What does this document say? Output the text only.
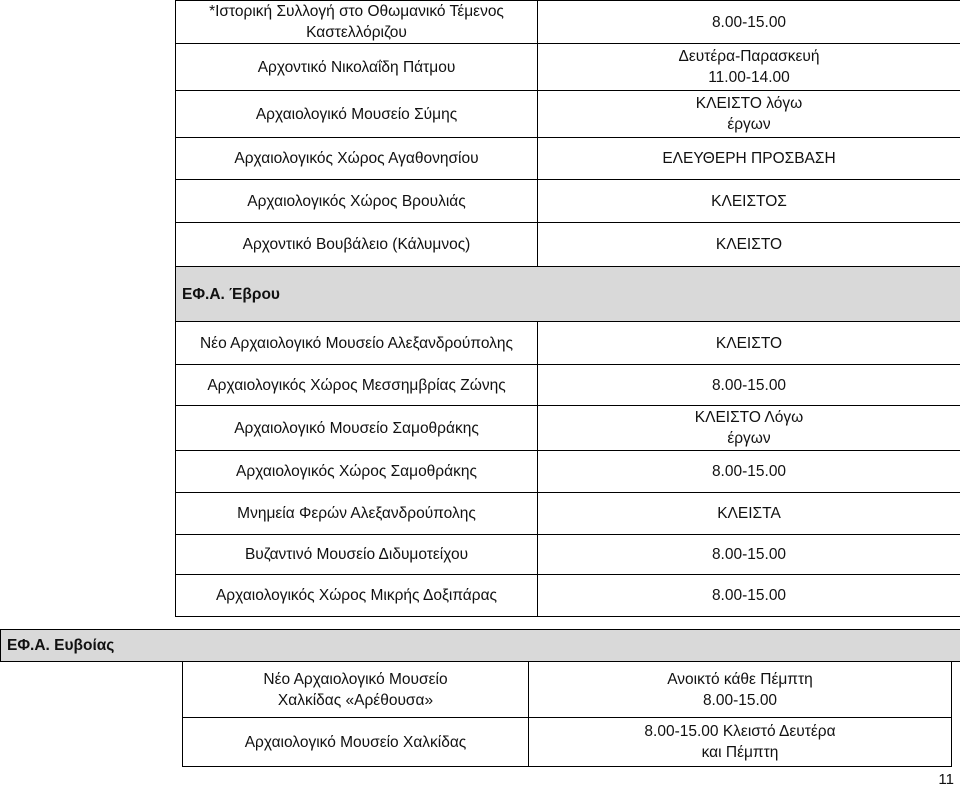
*Ιστορική Συλλογή στο Οθωμανικό Τέμενος Καστελλόριζου	8.00-15.00
Αρχοντικό Νικολαΐδη Πάτμου	Δευτέρα-Παρασκευή 11.00-14.00
Αρχαιολογικό Μουσείο Σύμης	ΚΛΕΙΣΤΟ λόγω έργων
Αρχαιολογικός Χώρος Αγαθονησίου	ΕΛΕΥΘΕΡΗ ΠΡΟΣΒΑΣΗ
Αρχαιολογικός Χώρος Βρουλιάς	ΚΛΕΙΣΤΟΣ
Αρχοντικό Βουβάλειο (Κάλυμνος)	ΚΛΕΙΣΤΟ
ΕΦ.Α. Έβρου	
Νέο Αρχαιολογικό Μουσείο Αλεξανδρούπολης	ΚΛΕΙΣΤΟ
Αρχαιολογικός Χώρος Μεσσημβρίας Ζώνης	8.00-15.00
Αρχαιολογικό Μουσείο Σαμοθράκης	ΚΛΕΙΣΤΟ Λόγω έργων
Αρχαιολογικός Χώρος Σαμοθράκης	8.00-15.00
Μνημεία Φερών Αλεξανδρούπολης	ΚΛΕΙΣΤΑ
Βυζαντινό Μουσείο Διδυμοτείχου	8.00-15.00
Αρχαιολογικός Χώρος Μικρής Δοξιπάρας	8.00-15.00
ΕΦ.Α. Ευβοίας				
		Νέο Αρχαιολογικό Μουσείο Χαλκίδας «Αρέθουσα»	Ανοικτό κάθε Πέμπτη 8.00-15.00	
		Αρχαιολογικό Μουσείο Χαλκίδας	8.00-15.00 Κλειστό Δευτέρα και Πέμπτη	
11
